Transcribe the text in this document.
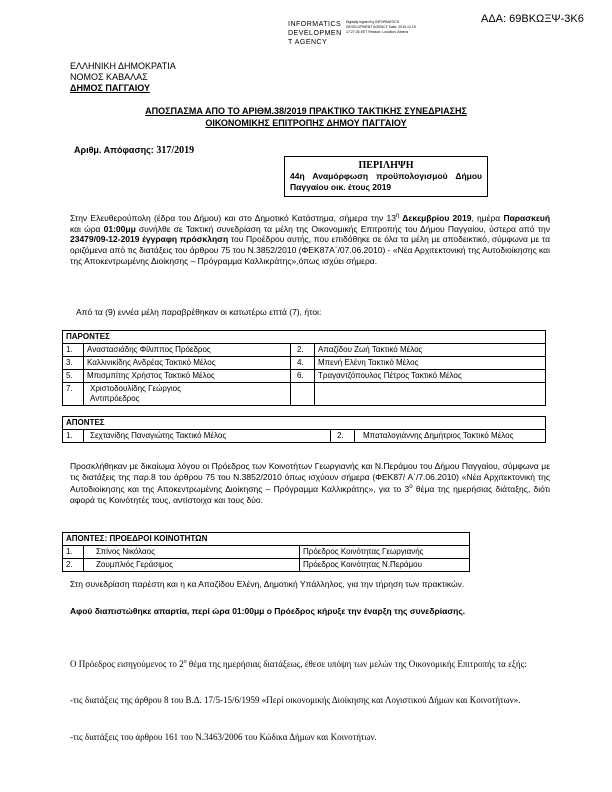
ΑΔΑ: 69ΒΚΩΞΨ-3Κ6
INFORMATICS
DEVELOPMEN
T AGENCY
Digitally signed by INFORMATICS DEVELOPMENT AGENCY Date: 2019.12.19 17:27:26 EET Reason: Location: Athens
ΕΛΛΗΝΙΚΗ ΔΗΜΟΚΡΑΤΙΑ
ΝΟΜΟΣ ΚΑΒΑΛΑΣ
ΔΗΜΟΣ ΠΑΓΓΑΙΟΥ
ΑΠΟΣΠΑΣΜΑ ΑΠΟ ΤΟ ΑΡΙΘΜ.38/2019 ΠΡΑΚΤΙΚΟ ΤΑΚΤΙΚΗΣ ΣΥΝΕΔΡΙΑΣΗΣ
ΟΙΚΟΝΟΜΙΚΗΣ ΕΠΙΤΡΟΠΗΣ ΔΗΜΟΥ ΠΑΓΓΑΙΟΥ
Αριθμ. Απόφασης: 317/2019
ΠΕΡΙΛΗΨΗ
44η Αναμόρφωση προϋπολογισμού Δήμου Παγγαίου οικ. έτους 2019
Στην Ελευθερούπολη (έδρα του Δήμου) και στο Δημοτικό Κατάστημα, σήμερα την $13^\eta$ Δεκεμβρίου 2019, ημέρα Παρασκευή και ώρα 01:00μμ συνήλθε σε Τακτική συνεδρίαση τα μέλη της Οικονομικής Επιτροπής του Δήμου Παγγαίου, ύστερα από την 23479/09-12-2019 έγγραφη πρόσκληση του Προέδρου αυτής, που επιδόθηκε σε όλα τα μέλη με αποδεικτικό, σύμφωνα με τα οριζόμενα από τις διατάξεις του άρθρου 75 του Ν.3852/2010 (ΦΕΚ87Α΄/07.06.2010) - «Νέα Αρχιτεκτονική της Αυτοδιοίκησης και της Αποκεντρωμένης Διοίκησης – Πρόγραμμα Καλλικράτης»,όπως ισχύει σήμερα.
Από τα (9) εννέα μέλη παραβρέθηκαν οι κατωτέρω επτά (7), ήτοι:
ΠΑΡΟΝΤΕΣ			
1.	Αναστασιάδης Φίλιππος Πρόεδρος	2.	Απαζίδου Ζωή Τακτικό Μέλος
3.	Καλλινικίδης Ανδρέας Τακτικό Μέλος	4.	Μπενή Ελένη Τακτικό Μέλος
5.	Μπισμπίτης Χρήστος Τακτικό Μέλος	6.	Τραγαντζόπουλος Πέτρος Τακτικό Μέλος
7.	Χριστοδουλίδης Γεώργιος Αντιπρόεδρος		
ΑΠΟΝΤΕΣ
1.	Σεχτανίδης Παναγιώτης Τακτικό Μέλος	2.	Μπαταλογιάννης Δημήτριος Τακτικό Μέλος
Προσκλήθηκαν με δικαίωμα λόγου οι Πρόεδρος των Κοινοτήτων Γεωργιανής και Ν.Περάμου του Δήμου Παγγαίου, σύμφωνα με τις διατάξεις της παρ.8 του άρθρου 75 του Ν.3852/2010 όπως ισχύουν σήμερα (ΦΕΚ87/ Α΄/7.06.2010) «Νέα Αρχιτεκτονική της Αυτοδιοίκησης και της Αποκεντρωμένης Διοίκησης – Πρόγραμμα Καλλικράτης», για το $3^o$ θέμα της ημερήσιας διάταξης, διότι αφορά τις Κοινότητές τους, αντίστοιχα και τους δύο.
ΑΠΟΝΤΕΣ: ΠΡΟΕΔΡΟΙ ΚΟΙΝΟΤΗΤΩΝ		
1.	Σπίνος Νικόλαος	Πρόεδρος Κοινότητας Γεωργιανής
2.	Ζουμπλιός Γεράσιμος	Πρόεδρος Κοινότητας Ν.Περάμου
Στη συνεδρίαση παρέστη και η κα Απαζίδου Ελένη, Δημοτική Υπάλληλος, για την τήρηση των πρακτικών.
Αφού διαπιστώθηκε απαρτία, περί ώρα 01:00μμ ο Πρόεδρος κήρυξε την έναρξη της συνεδρίασης.
Ο Πρόεδρος εισηγούμενος το $2^o$ θέμα της ημερήσιας διατάξεως, έθεσε υπόψη των μελών της Οικονομικής Επιτροπής τα εξής:
-τις διατάξεις της άρθρου 8 του Β.Δ. 17/5-15/6/1959 «Περί οικονομικής Διοίκησης και Λογιστικού Δήμων και Κοινοτήτων».
-τις διατάξεις του άρθρου 161 του Ν.3463/2006 του Κώδικα Δήμων και Κοινοτήτων.
